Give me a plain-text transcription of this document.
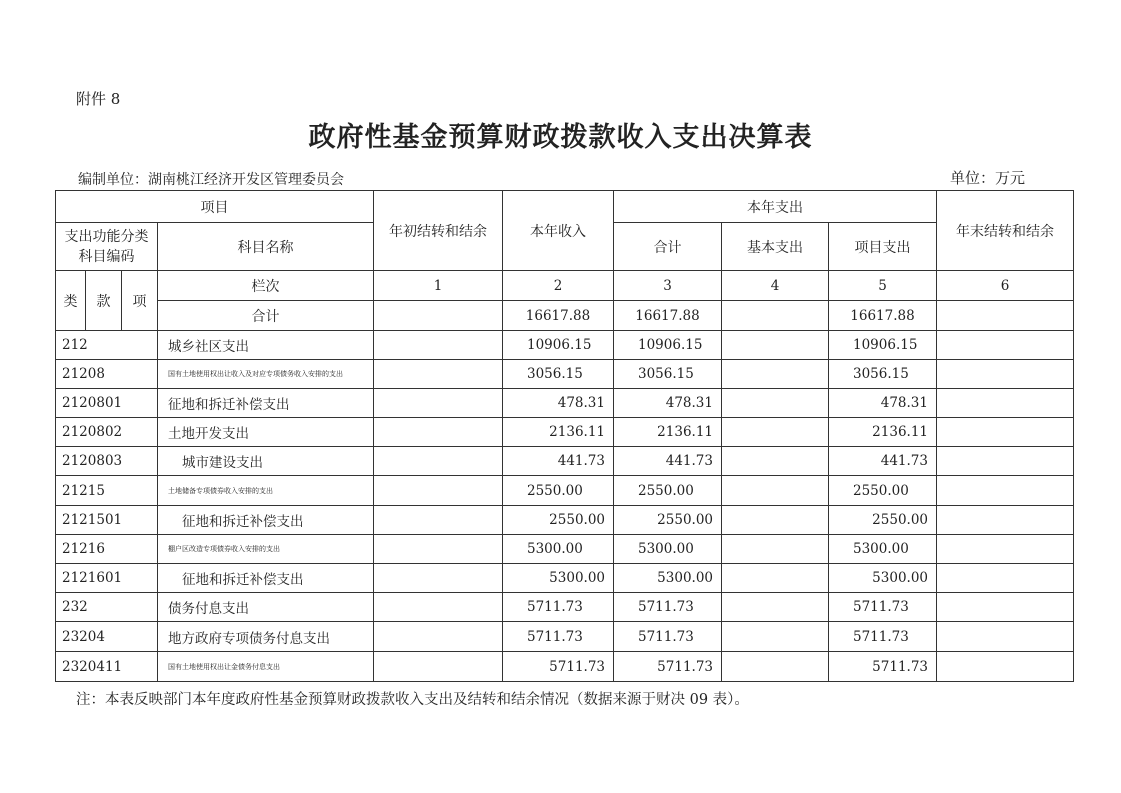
附件 8
政府性基金预算财政拨款收入支出决算表
编制单位：湖南桃江经济开发区管理委员会	单位：万元
项目				年初结转和结余	本年收入	本年支出			年末结转和结余
支出功能分类科目编码			科目名称			合计	基本支出	项目支出	
类	款	项	栏次	1	2	3	4	5	6
			合计		16617.88	16617.88		16617.88	
212			城乡社区支出		10906.15	10906.15		10906.15	
21208			国有土地使用权出让收入及对应专项债务收入安排的支出		3056.15	3056.15		3056.15	
2120801			征地和拆迁补偿支出		478.31	478.31		478.31	
2120802			土地开发支出		2136.11	2136.11		2136.11	
2120803			城市建设支出		441.73	441.73		441.73	
21215			土地储备专项债券收入安排的支出		2550.00	2550.00		2550.00	
2121501			征地和拆迁补偿支出		2550.00	2550.00		2550.00	
21216			棚户区改造专项债券收入安排的支出		5300.00	5300.00		5300.00	
2121601			征地和拆迁补偿支出		5300.00	5300.00		5300.00	
232			债务付息支出		5711.73	5711.73		5711.73	
23204			地方政府专项债务付息支出		5711.73	5711.73		5711.73	
2320411			国有土地使用权出让金债务付息支出		5711.73	5711.73		5711.73	
注：本表反映部门本年度政府性基金预算财政拨款收入支出及结转和结余情况（数据来源于财决 09 表）。
